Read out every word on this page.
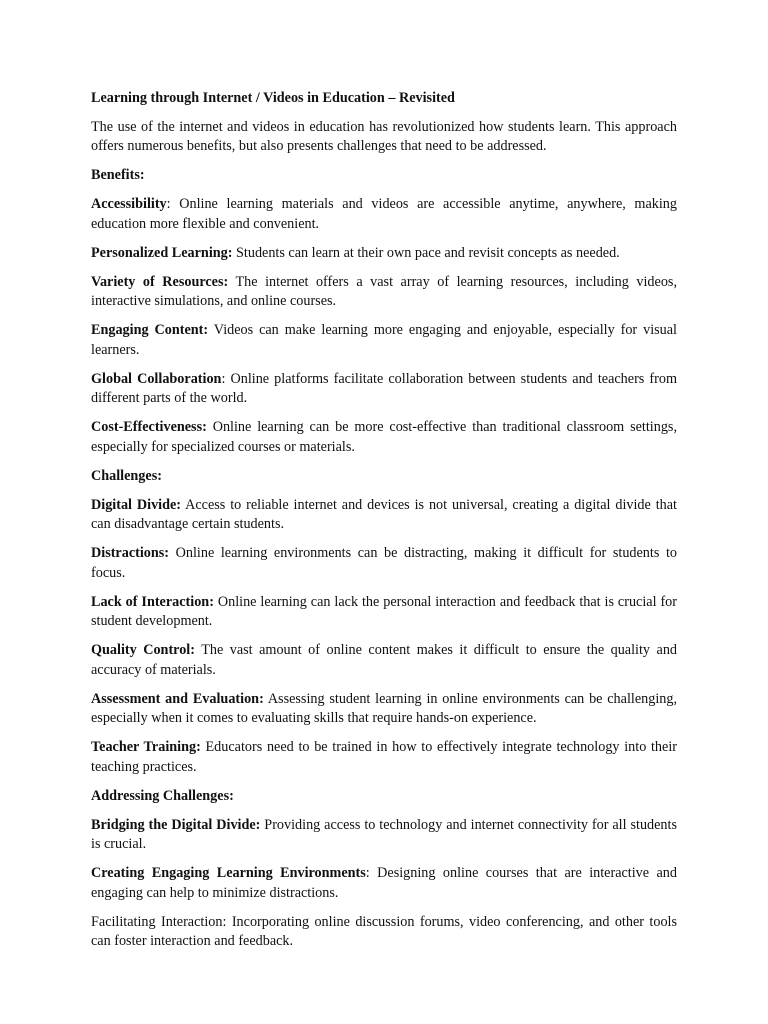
Learning through Internet / Videos in Education – Revisited

The use of the internet and videos in education has revolutionized how students learn. This approach offers numerous benefits, but also presents challenges that need to be addressed.

Benefits:

Accessibility: Online learning materials and videos are accessible anytime, anywhere, making education more flexible and convenient.

Personalized Learning: Students can learn at their own pace and revisit concepts as needed.

Variety of Resources: The internet offers a vast array of learning resources, including videos, interactive simulations, and online courses.

Engaging Content: Videos can make learning more engaging and enjoyable, especially for visual learners.

Global Collaboration: Online platforms facilitate collaboration between students and teachers from different parts of the world.

Cost-Effectiveness: Online learning can be more cost-effective than traditional classroom settings, especially for specialized courses or materials.

Challenges:

Digital Divide: Access to reliable internet and devices is not universal, creating a digital divide that can disadvantage certain students.

Distractions: Online learning environments can be distracting, making it difficult for students to focus.

Lack of Interaction: Online learning can lack the personal interaction and feedback that is crucial for student development.

Quality Control: The vast amount of online content makes it difficult to ensure the quality and accuracy of materials.

Assessment and Evaluation: Assessing student learning in online environments can be challenging, especially when it comes to evaluating skills that require hands-on experience.

Teacher Training: Educators need to be trained in how to effectively integrate technology into their teaching practices.

Addressing Challenges:

Bridging the Digital Divide: Providing access to technology and internet connectivity for all students is crucial.

Creating Engaging Learning Environments: Designing online courses that are interactive and engaging can help to minimize distractions.

Facilitating Interaction: Incorporating online discussion forums, video conferencing, and other tools can foster interaction and feedback.
